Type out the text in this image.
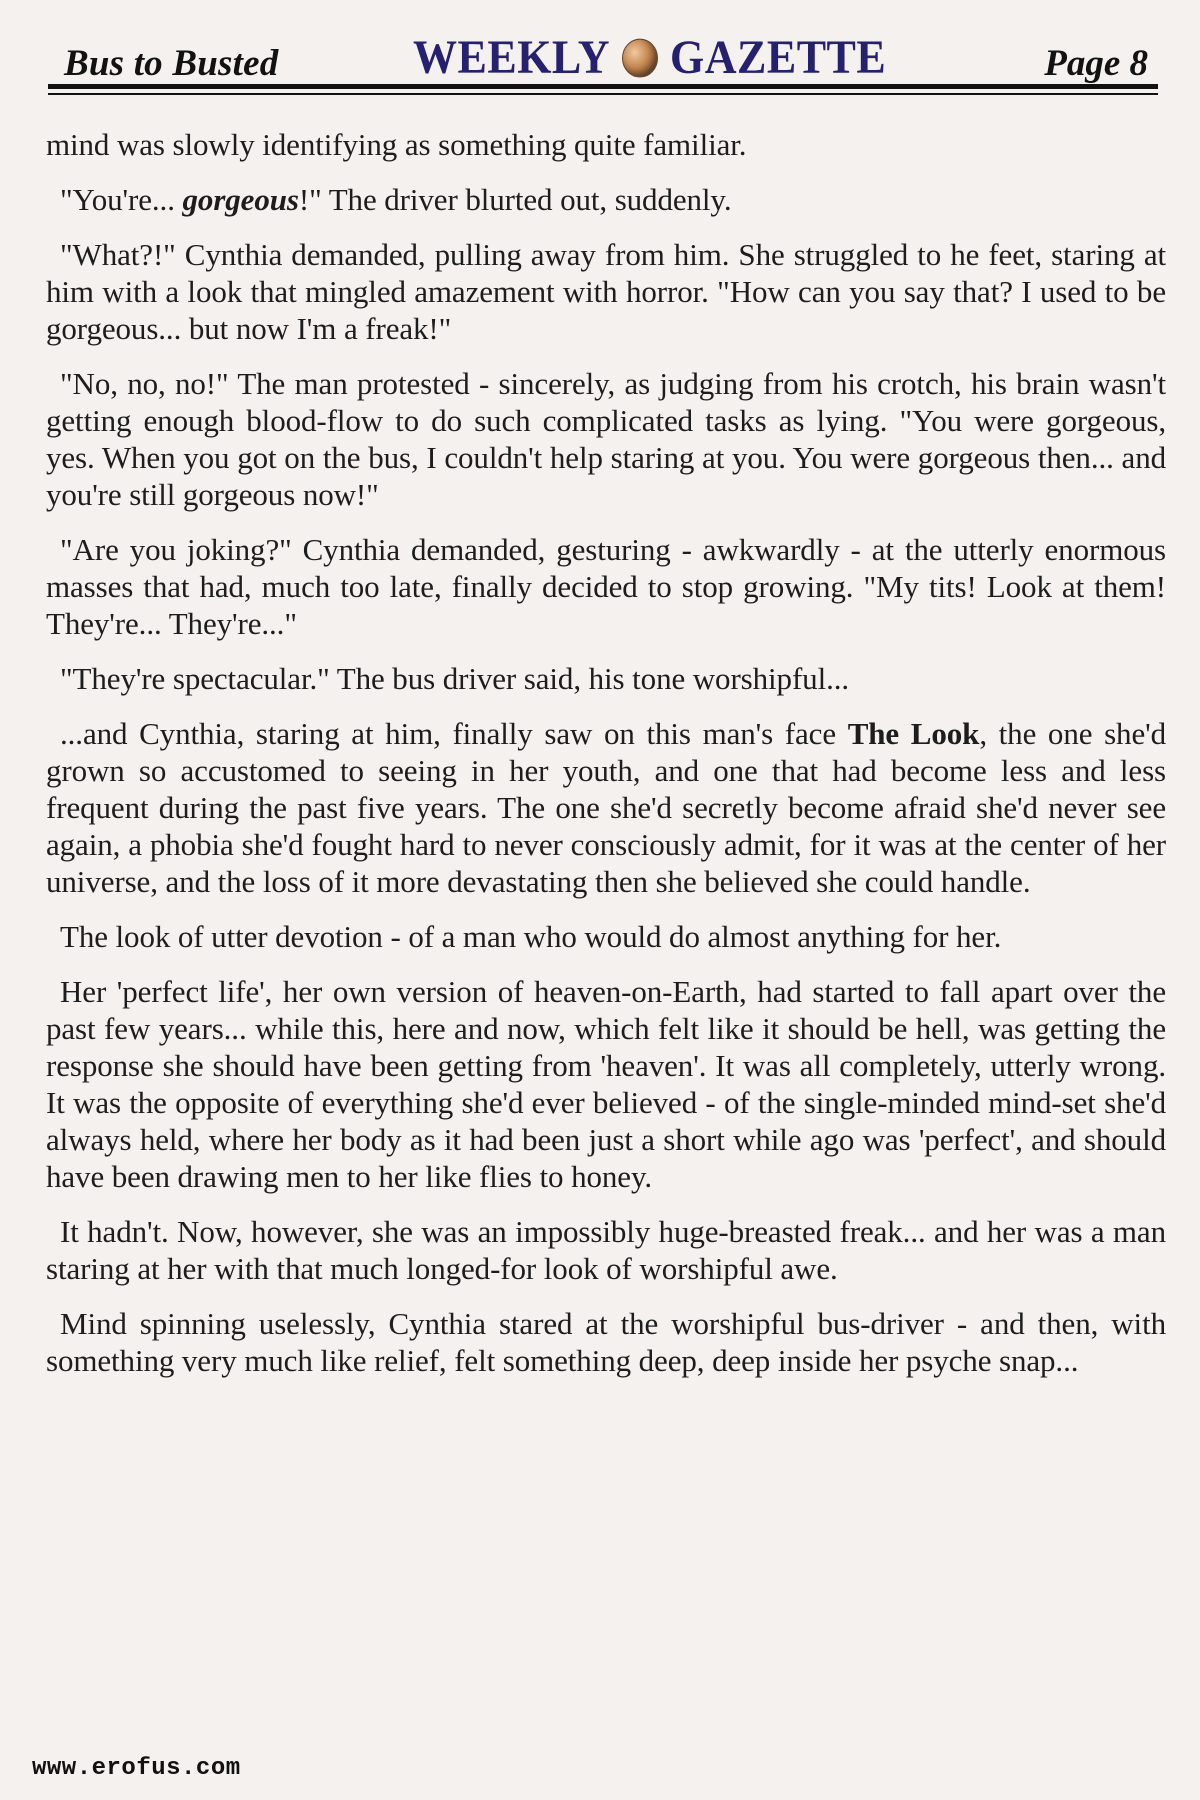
Bus to Busted	WEEKLY GAZETTE	Page 8

mind was slowly identifying as something quite familiar.

"You're... gorgeous!" The driver blurted out, suddenly.

"What?!" Cynthia demanded, pulling away from him. She struggled to he feet, staring at him with a look that mingled amazement with horror. "How can you say that? I used to be gorgeous... but now I'm a freak!"

"No, no, no!" The man protested - sincerely, as judging from his crotch, his brain wasn't getting enough blood-flow to do such complicated tasks as lying. "You were gorgeous, yes. When you got on the bus, I couldn't help staring at you. You were gorgeous then... and you're still gorgeous now!"

"Are you joking?" Cynthia demanded, gesturing - awkwardly - at the utterly enormous masses that had, much too late, finally decided to stop growing. "My tits! Look at them! They're... They're..."

"They're spectacular." The bus driver said, his tone worshipful...

...and Cynthia, staring at him, finally saw on this man's face The Look, the one she'd grown so accustomed to seeing in her youth, and one that had become less and less frequent during the past five years. The one she'd secretly become afraid she'd never see again, a phobia she'd fought hard to never consciously admit, for it was at the center of her universe, and the loss of it more devastating then she believed she could handle.

The look of utter devotion - of a man who would do almost anything for her.

Her 'perfect life', her own version of heaven-on-Earth, had started to fall apart over the past few years... while this, here and now, which felt like it should be hell, was getting the response she should have been getting from 'heaven'. It was all completely, utterly wrong. It was the opposite of everything she'd ever believed - of the single-minded mind-set she'd always held, where her body as it had been just a short while ago was 'perfect', and should have been drawing men to her like flies to honey.

It hadn't. Now, however, she was an impossibly huge-breasted freak... and her was a man staring at her with that much longed-for look of worshipful awe.

Mind spinning uselessly, Cynthia stared at the worshipful bus-driver - and then, with something very much like relief, felt something deep, deep inside her psyche snap...

www.erofus.com
